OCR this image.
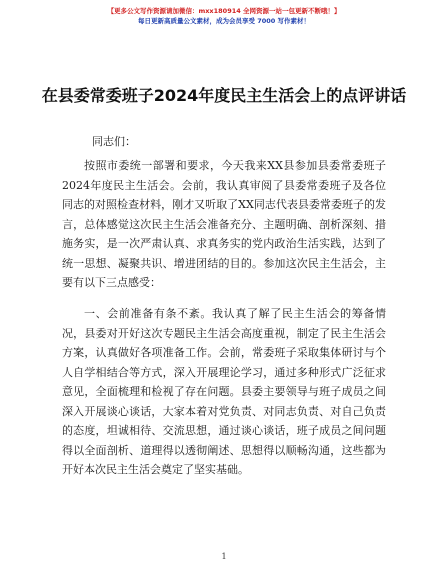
【更多公文写作资源请加微信：mxx180914 全网资源一站一包更新不断哦！】
每日更新高质量公文素材，成为会员享受 7000 写作素材！
在县委常委班子2024年度民主生活会上的点评讲话
同志们：

按照市委统一部署和要求，今天我来XX县参加县委常委班子2024年度民主生活会。会前，我认真审阅了县委常委班子及各位同志的对照检查材料，刚才又听取了XX同志代表县委常委班子的发言，总体感觉这次民主生活会准备充分、主题明确、剖析深刻、措施务实，是一次严肃认真、求真务实的党内政治生活实践，达到了统一思想、凝聚共识、增进团结的目的。参加这次民主生活会，主要有以下三点感受：

一、会前准备有条不紊。我认真了解了民主生活会的筹备情况，县委对开好这次专题民主生活会高度重视，制定了民主生活会方案，认真做好各项准备工作。会前，常委班子采取集体研讨与个人自学相结合等方式，深入开展理论学习，通过多种形式广泛征求意见，全面梳理和检视了存在问题。县委主要领导与班子成员之间深入开展谈心谈话，大家本着对党负责、对同志负责、对自己负责的态度，坦诚相待、交流思想，通过谈心谈话，班子成员之间问题得以全面剖析、道理得以透彻阐述、思想得以顺畅沟通，这些都为开好本次民主生活会奠定了坚实基础。

1
